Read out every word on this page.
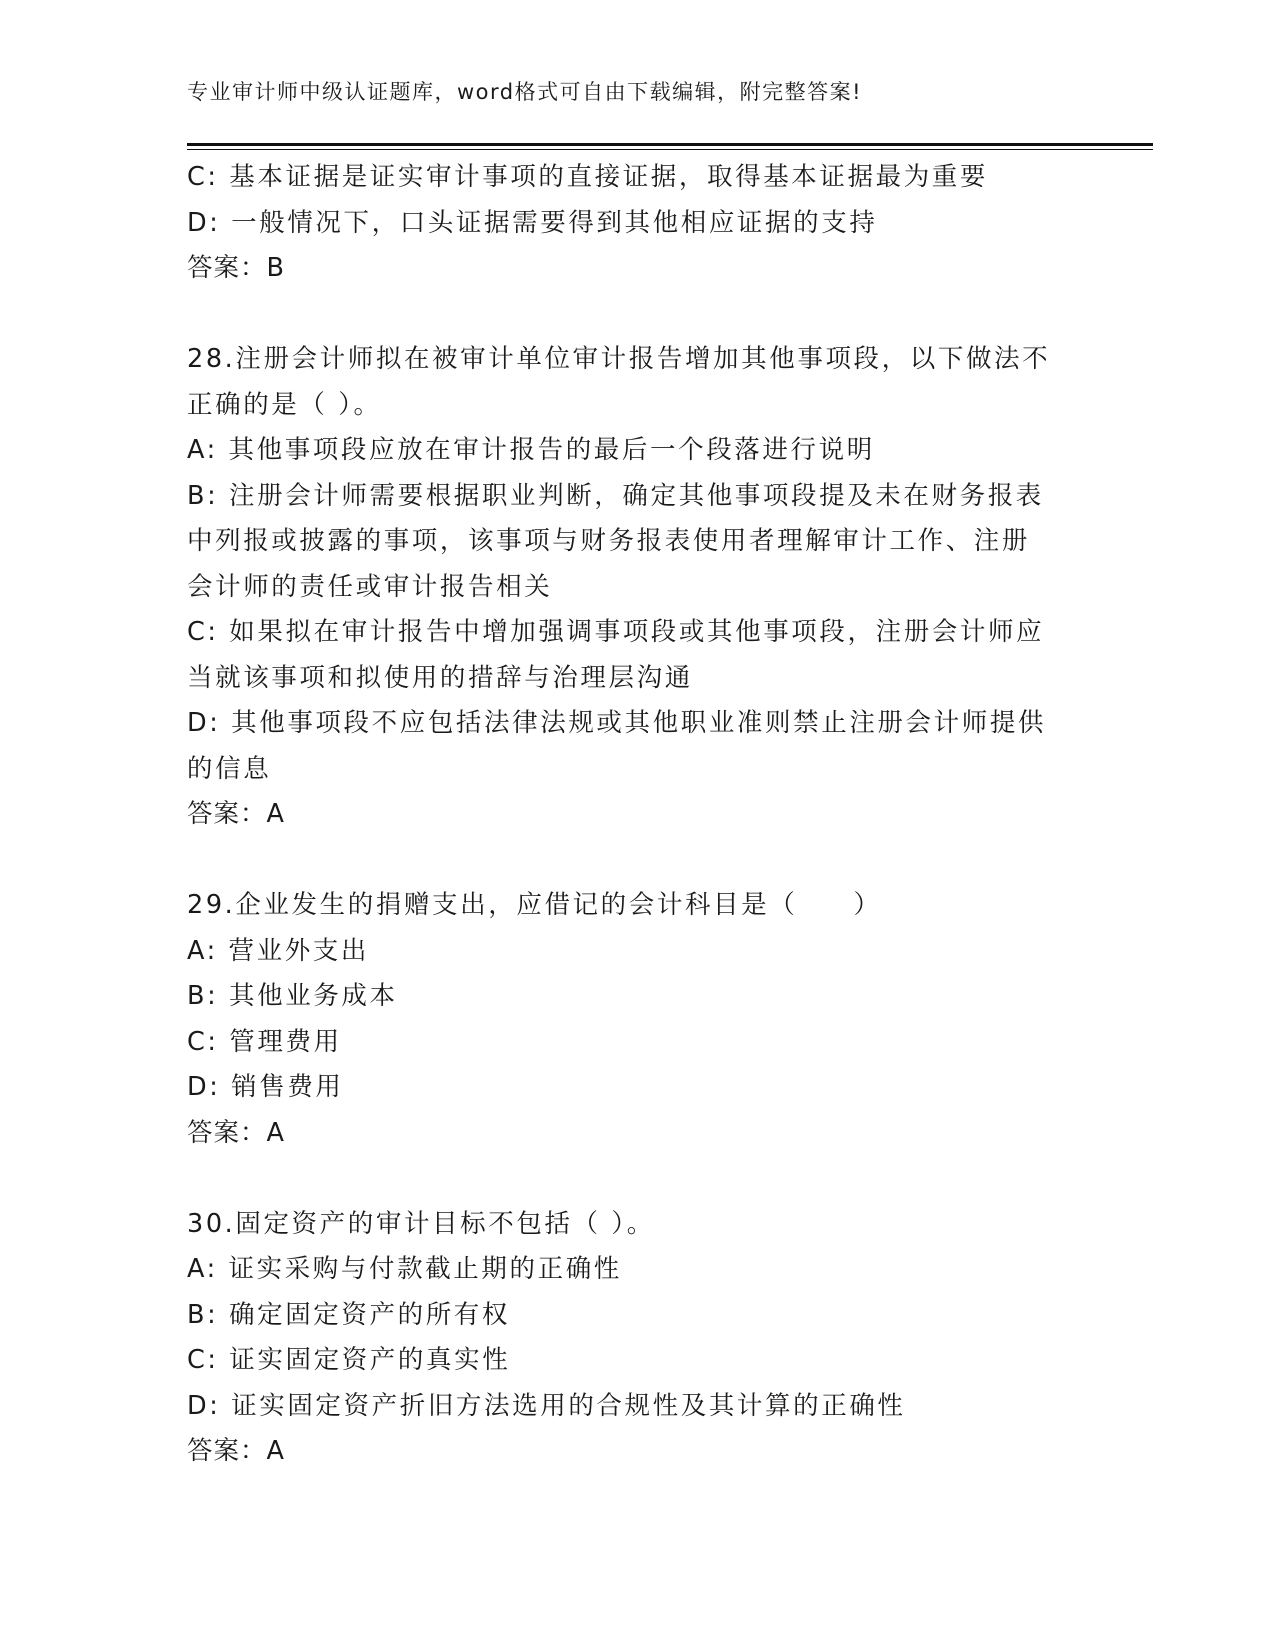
专业审计师中级认证题库，word格式可自由下载编辑，附完整答案!

C: 基本证据是证实审计事项的直接证据，取得基本证据最为重要

D: 一般情况下，口头证据需要得到其他相应证据的支持

答案：B

28.注册会计师拟在被审计单位审计报告增加其他事项段，以下做法不

正确的是（ ）。

A: 其他事项段应放在审计报告的最后一个段落进行说明

B: 注册会计师需要根据职业判断，确定其他事项段提及未在财务报表

中列报或披露的事项，该事项与财务报表使用者理解审计工作、注册

会计师的责任或审计报告相关

C: 如果拟在审计报告中增加强调事项段或其他事项段，注册会计师应

当就该事项和拟使用的措辞与治理层沟通

D: 其他事项段不应包括法律法规或其他职业准则禁止注册会计师提供

的信息

答案：A

29.企业发生的捐赠支出，应借记的会计科目是（　　）

A: 营业外支出

B: 其他业务成本

C: 管理费用

D: 销售费用

答案：A

30.固定资产的审计目标不包括（ ）。

A: 证实采购与付款截止期的正确性

B: 确定固定资产的所有权

C: 证实固定资产的真实性

D: 证实固定资产折旧方法选用的合规性及其计算的正确性

答案：A
